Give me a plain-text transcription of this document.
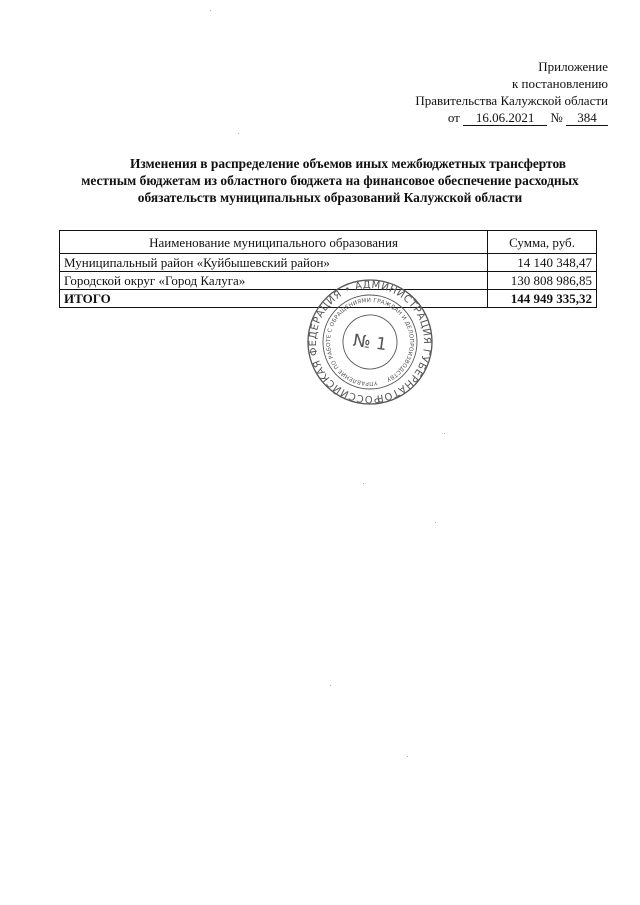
Приложение
к постановлению
Правительства Калужской области
от 16.06.2021 № 384
Изменения в распределение объемов иных межбюджетных трансфертов
местным бюджетам из областного бюджета на финансовое обеспечение расходных
обязательств муниципальных образований Калужской области
Наименование муниципального образования	Сумма, руб.
Муниципальный район «Куйбышевский район»	14 140 348,47
Городской округ «Город Калуга»	130 808 986,85
ИТОГО	144 949 335,32
РОССИЙСКАЯ ФЕДЕРАЦИЯ • АДМИНИСТРАЦИЯ ГУБЕРНАТОРА
УПРАВЛЕНИЕ ПО РАБОТЕ С ОБРАЩЕНИЯМИ ГРАЖДАН И ДЕЛОПРОИЗВОДСТВУ
№ 1
